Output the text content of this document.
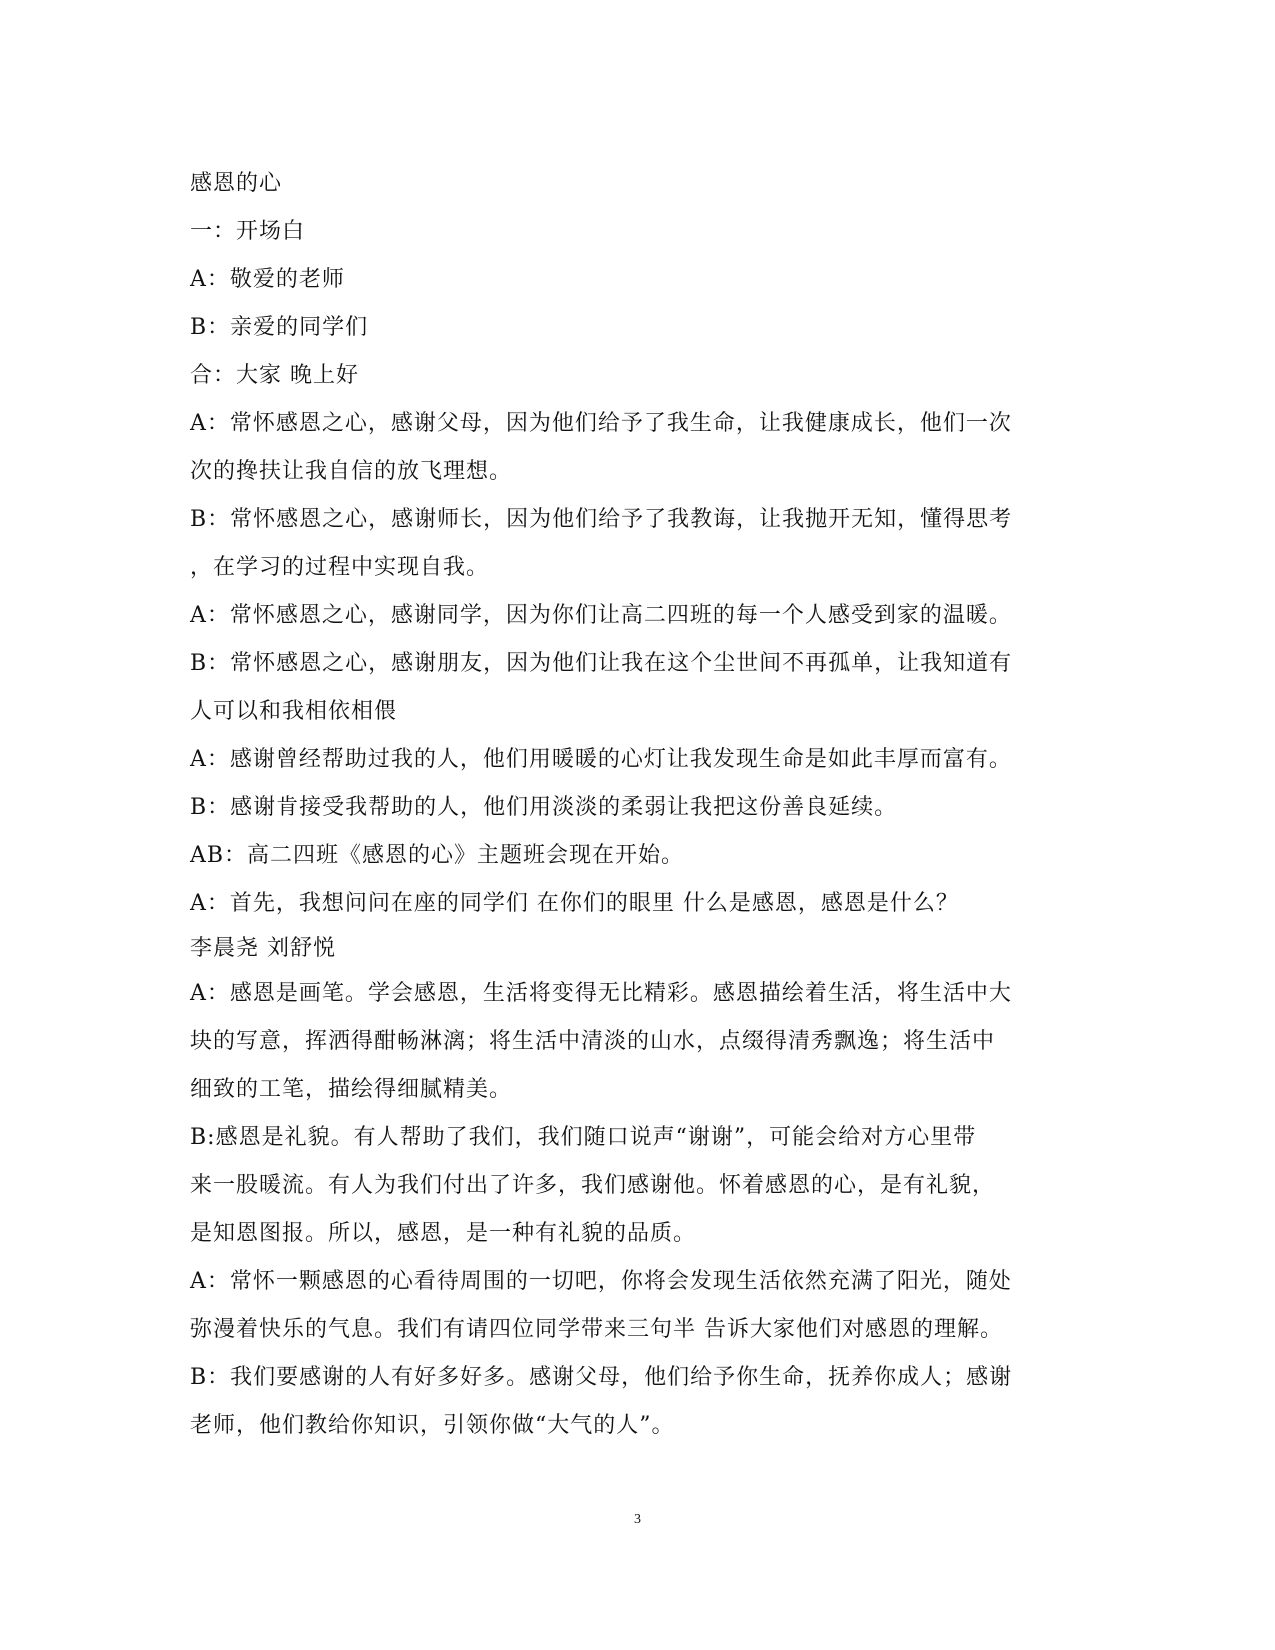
感恩的心
一：开场白
A：敬爱的老师
B：亲爱的同学们
合：大家 晚上好
A：常怀感恩之心，感谢父母，因为他们给予了我生命，让我健康成长，他们一次
次的搀扶让我自信的放飞理想。
B：常怀感恩之心，感谢师长，因为他们给予了我教诲，让我抛开无知，懂得思考
，在学习的过程中实现自我。
A：常怀感恩之心，感谢同学，因为你们让高二四班的每一个人感受到家的温暖。
B：常怀感恩之心，感谢朋友，因为他们让我在这个尘世间不再孤单，让我知道有
人可以和我相依相偎
A：感谢曾经帮助过我的人，他们用暖暖的心灯让我发现生命是如此丰厚而富有。
B：感谢肯接受我帮助的人，他们用淡淡的柔弱让我把这份善良延续。
AB：高二四班《感恩的心》主题班会现在开始。
A：首先，我想问问在座的同学们 在你们的眼里 什么是感恩，感恩是什么？
李晨尧 刘舒悦
A：感恩是画笔。学会感恩，生活将变得无比精彩。感恩描绘着生活，将生活中大
块的写意，挥洒得酣畅淋漓；将生活中清淡的山水，点缀得清秀飘逸；将生活中
细致的工笔，描绘得细腻精美。
B:感恩是礼貌。有人帮助了我们，我们随口说声“谢谢”，可能会给对方心里带
来一股暖流。有人为我们付出了许多，我们感谢他。怀着感恩的心，是有礼貌，
是知恩图报。所以，感恩，是一种有礼貌的品质。
A：常怀一颗感恩的心看待周围的一切吧，你将会发现生活依然充满了阳光，随处
弥漫着快乐的气息。我们有请四位同学带来三句半 告诉大家他们对感恩的理解。
B：我们要感谢的人有好多好多。感谢父母，他们给予你生命，抚养你成人；感谢
老师，他们教给你知识，引领你做“大气的人”。
3
